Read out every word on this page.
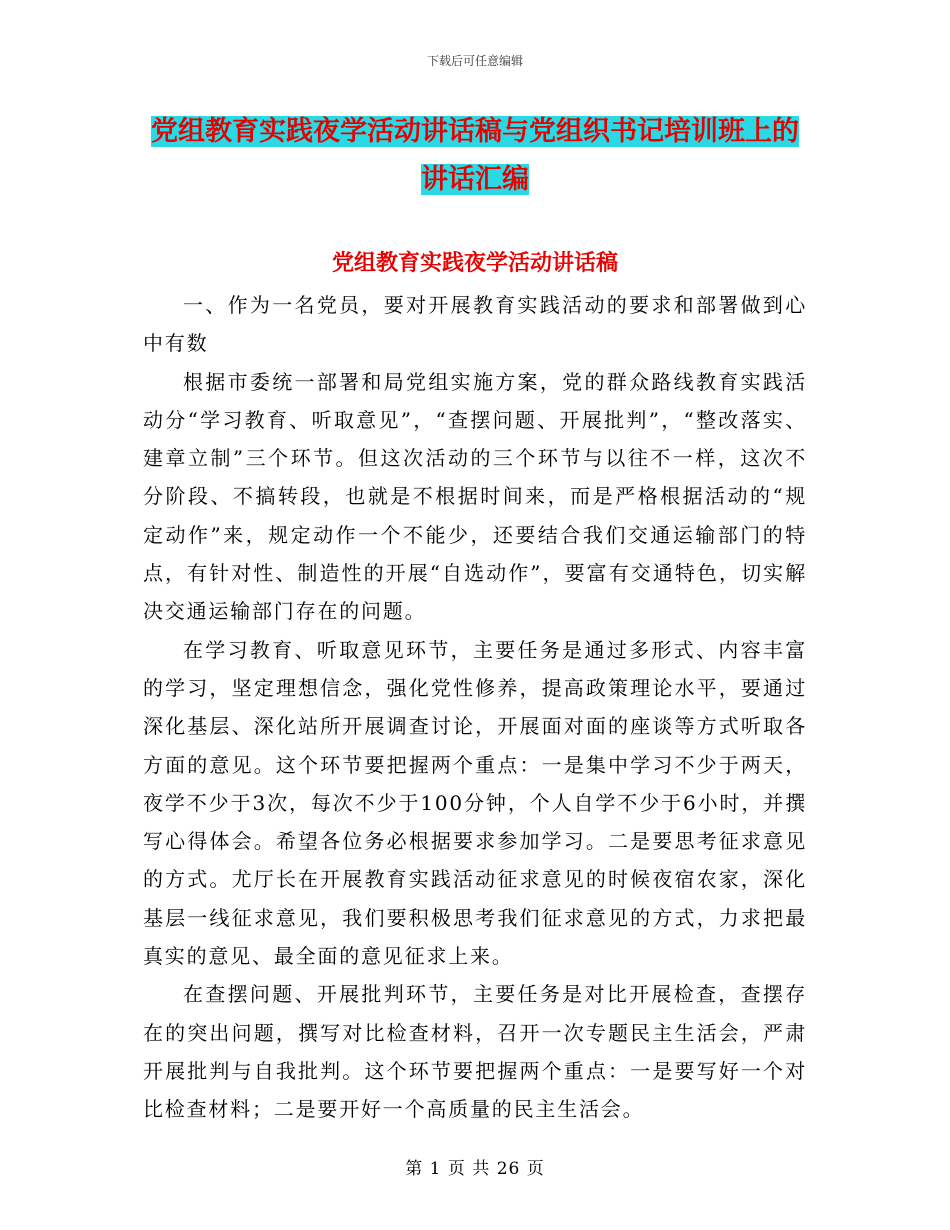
下载后可任意编辑
党组教育实践夜学活动讲话稿与党组织书记培训班上的讲话汇编
党组教育实践夜学活动讲话稿

一、作为一名党员，要对开展教育实践活动的要求和部署做到心中有数

根据市委统一部署和局党组实施方案，党的群众路线教育实践活动分“学习教育、听取意见”，“查摆问题、开展批判”，“整改落实、建章立制”三个环节。但这次活动的三个环节与以往不一样，这次不分阶段、不搞转段，也就是不根据时间来，而是严格根据活动的“规定动作”来，规定动作一个不能少，还要结合我们交通运输部门的特点，有针对性、制造性的开展“自选动作”，要富有交通特色，切实解决交通运输部门存在的问题。

在学习教育、听取意见环节，主要任务是通过多形式、内容丰富的学习，坚定理想信念，强化党性修养，提高政策理论水平，要通过深化基层、深化站所开展调查讨论，开展面对面的座谈等方式听取各方面的意见。这个环节要把握两个重点：一是集中学习不少于两天，夜学不少于3次，每次不少于100分钟，个人自学不少于6小时，并撰写心得体会。希望各位务必根据要求参加学习。二是要思考征求意见的方式。尤厅长在开展教育实践活动征求意见的时候夜宿农家，深化基层一线征求意见，我们要积极思考我们征求意见的方式，力求把最真实的意见、最全面的意见征求上来。

在查摆问题、开展批判环节，主要任务是对比开展检查，查摆存在的突出问题，撰写对比检查材料，召开一次专题民主生活会，严肃开展批判与自我批判。这个环节要把握两个重点：一是要写好一个对比检查材料；二是要开好一个高质量的民主生活会。

第 1 页 共 26 页
